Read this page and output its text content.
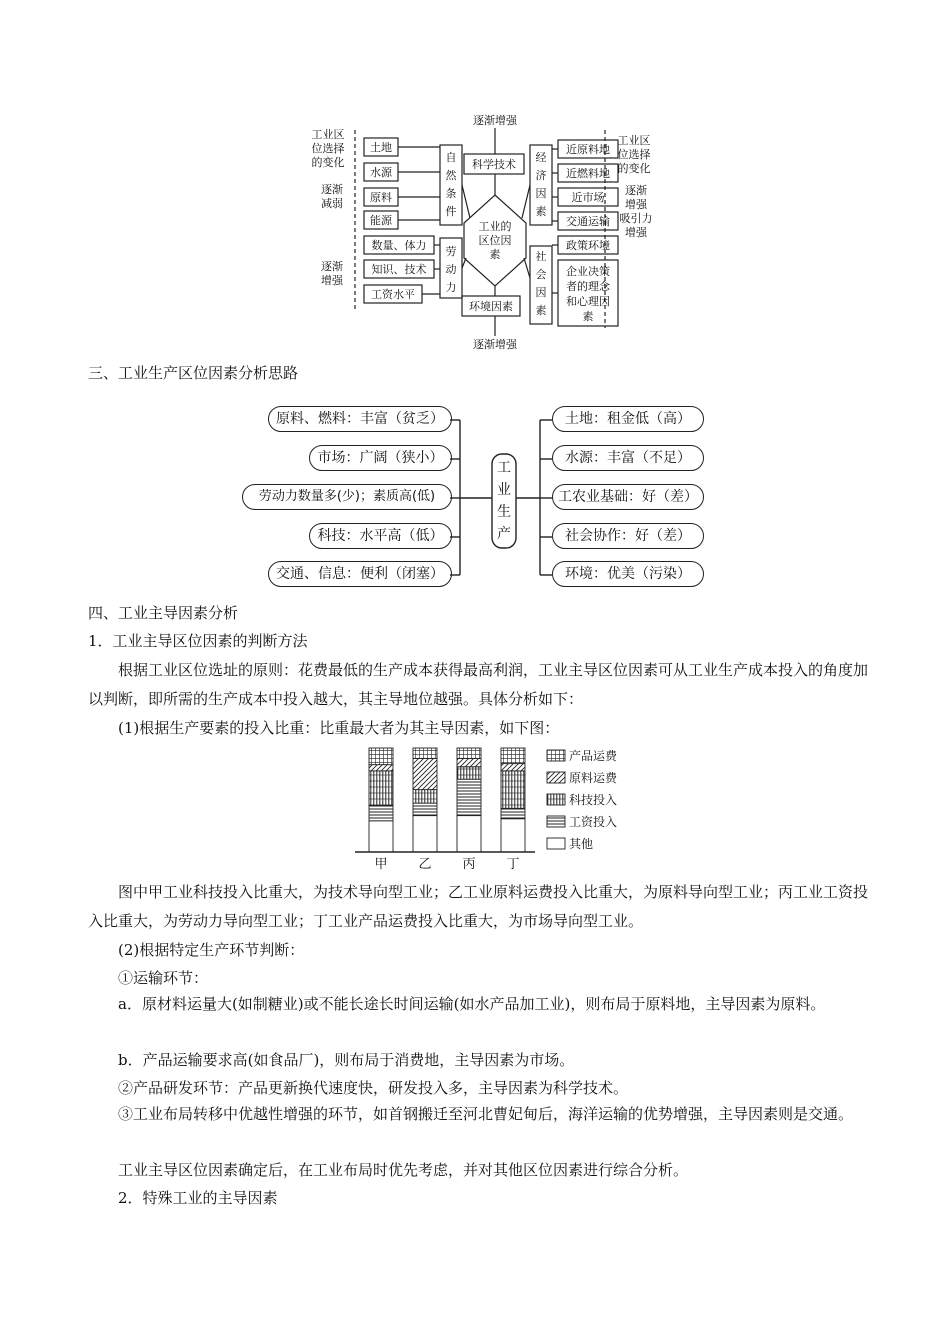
逐渐增强
逐渐增强
工业的
区位因
素
工业区
位选择
的变化
逐渐
减弱
逐渐
增强
工业区
位选择
的变化
逐渐
增强
吸引力
增强
土地
水源
原料
能源
自
然
条
件
数量、体力
知识、技术
工资水平
劳
动
力
科学技术
环境因素
经
济
因
素
近原料地
近燃料地
近市场
交通运输
社
会
因
素
政策环境
企业决策
者的理念
和心理因
素
三、工业生产区位因素分析思路
工
业
生
产
原料、燃料：丰富（贫乏）
市场：广阔（狭小）
劳动力数量多(少)；素质高(低)
科技：水平高（低）
交通、信息：便利（闭塞）
土地：租金低（高）
水源：丰富（不足）
工农业基础：好（差）
社会协作：好（差）
环境：优美（污染）
四、工业主导因素分析
1．工业主导区位因素的判断方法
根据工业区位选址的原则：花费最低的生产成本获得最高利润，工业主导区位因素可从工业生产成本投入的角度加以判断，即所需的生产成本中投入越大，其主导地位越强。具体分析如下：
(1)根据生产要素的投入比重：比重最大者为其主导因素，如下图：
甲 乙 丙 丁
产品运费
原料运费
科技投入
工资投入
其他
图中甲工业科技投入比重大，为技术导向型工业；乙工业原料运费投入比重大，为原料导向型工业；丙工业工资投入比重大，为劳动力导向型工业；丁工业产品运费投入比重大，为市场导向型工业。
(2)根据特定生产环节判断：
①运输环节：
a．原材料运量大(如制糖业)或不能长途长时间运输(如水产品加工业)，则布局于原料地，主导因素为原料。
b．产品运输要求高(如食品厂)，则布局于消费地，主导因素为市场。
②产品研发环节：产品更新换代速度快，研发投入多，主导因素为科学技术。
③工业布局转移中优越性增强的环节，如首钢搬迁至河北曹妃甸后，海洋运输的优势增强，主导因素则是交通。
工业主导区位因素确定后，在工业布局时优先考虑，并对其他区位因素进行综合分析。
2．特殊工业的主导因素
